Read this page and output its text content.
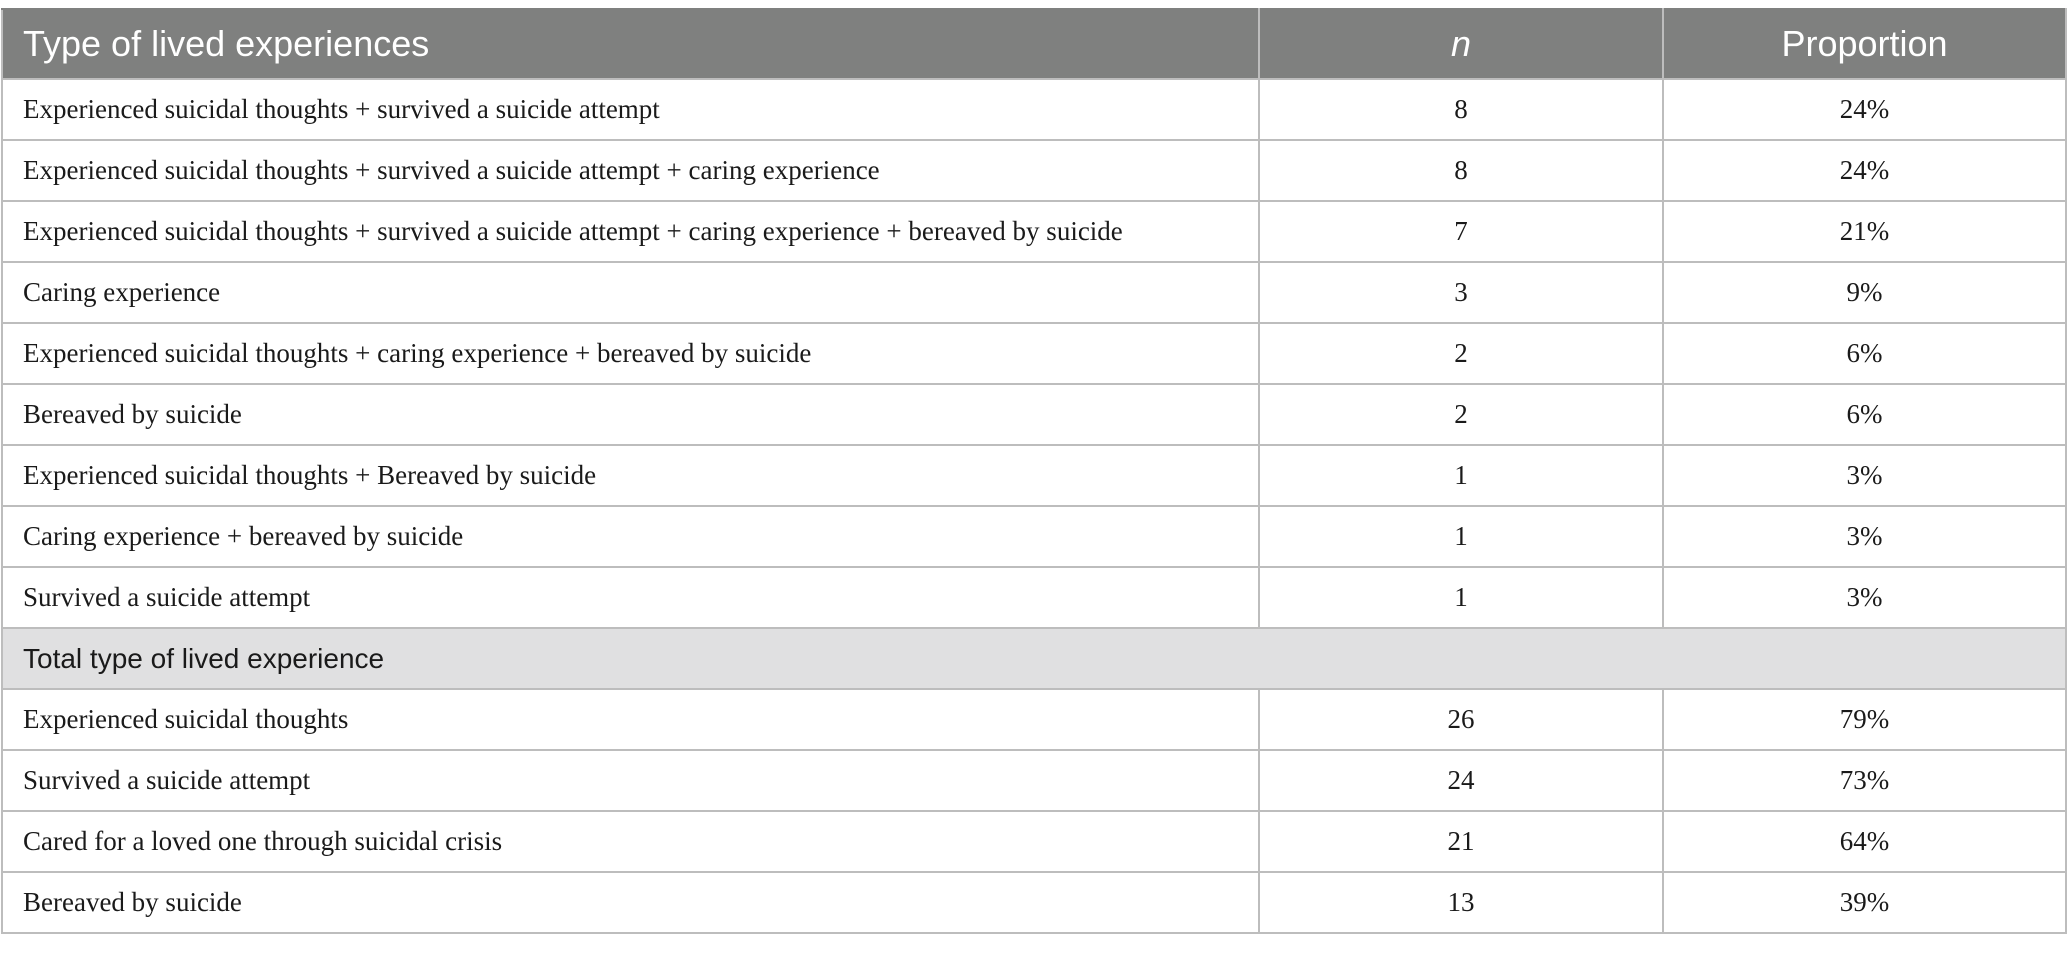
Type of lived experiences	n	Proportion
Experienced suicidal thoughts + survived a suicide attempt	8	24%
Experienced suicidal thoughts + survived a suicide attempt + caring experience	8	24%
Experienced suicidal thoughts + survived a suicide attempt + caring experience + bereaved by suicide	7	21%
Caring experience	3	9%
Experienced suicidal thoughts + caring experience + bereaved by suicide	2	6%
Bereaved by suicide	2	6%
Experienced suicidal thoughts + Bereaved by suicide	1	3%
Caring experience + bereaved by suicide	1	3%
Survived a suicide attempt	1	3%
Total type of lived experience		
Experienced suicidal thoughts	26	79%
Survived a suicide attempt	24	73%
Cared for a loved one through suicidal crisis	21	64%
Bereaved by suicide	13	39%
